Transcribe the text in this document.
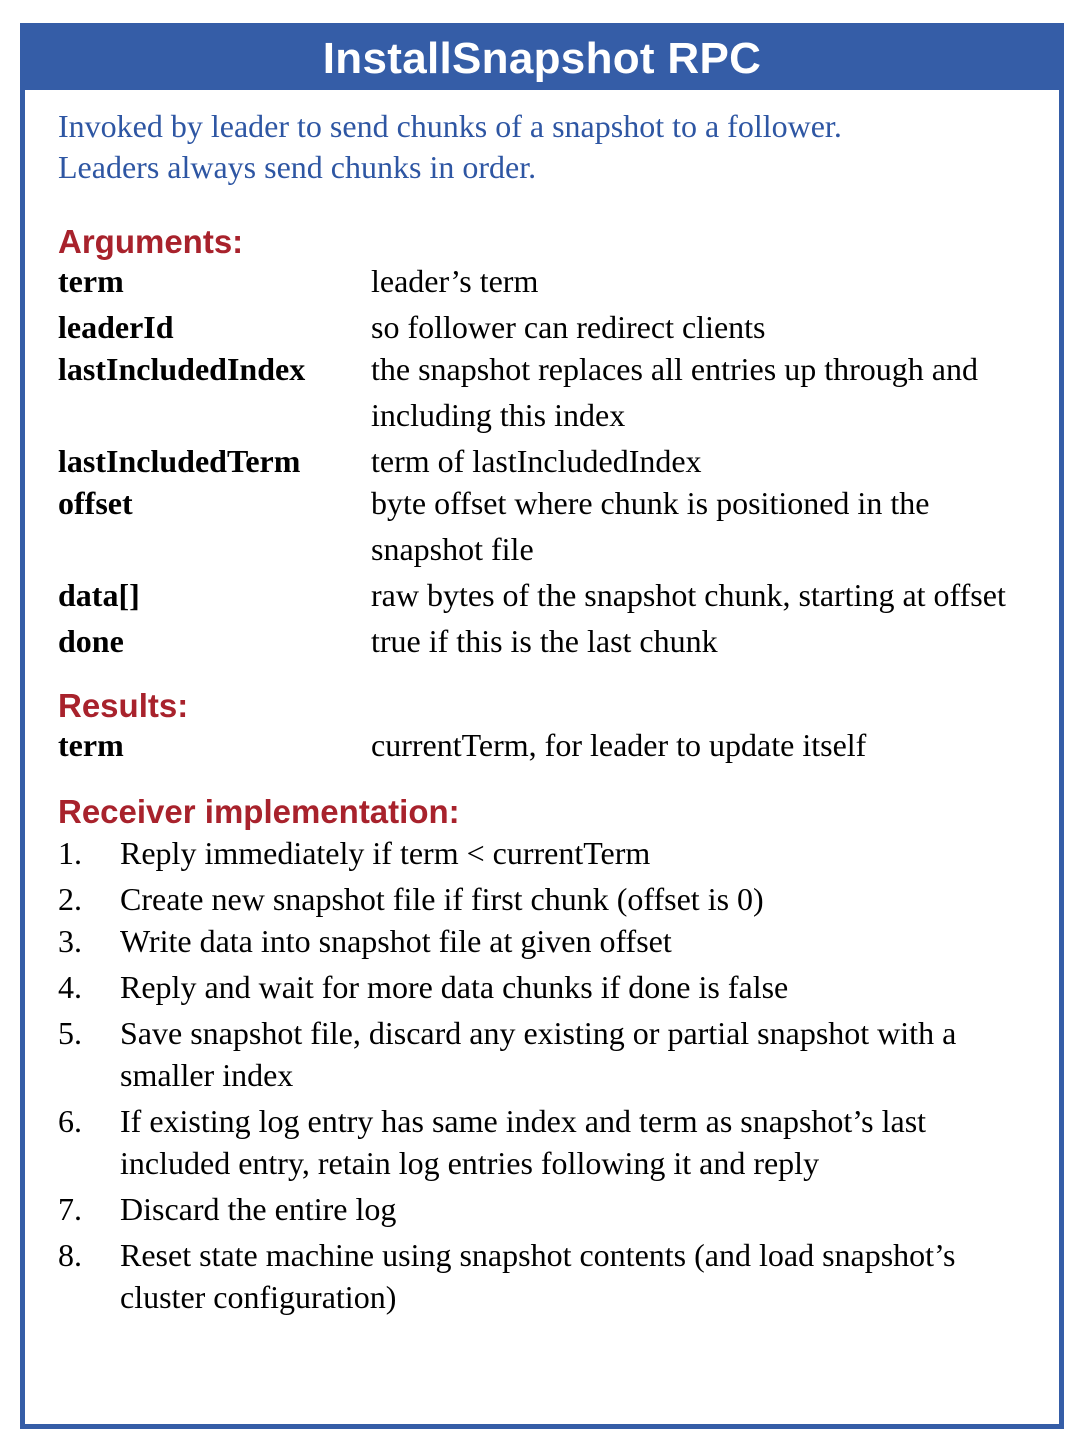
InstallSnapshot RPC
Invoked by leader to send chunks of a snapshot to a follower.
Leaders always send chunks in order.
Arguments:
term	leader’s term
leaderId	so follower can redirect clients
lastIncludedIndex	the snapshot replaces all entries up through and including this index
lastIncludedTerm	term of lastIncludedIndex
offset	byte offset where chunk is positioned in the snapshot file
data[]	raw bytes of the snapshot chunk, starting at offset
done	true if this is the last chunk
Results:
term	currentTerm, for leader to update itself
Receiver implementation:
1.	Reply immediately if term < currentTerm
2.	Create new snapshot file if first chunk (offset is 0)
3.	Write data into snapshot file at given offset
4.	Reply and wait for more data chunks if done is false
5.	Save snapshot file, discard any existing or partial snapshot with a smaller index
6.	If existing log entry has same index and term as snapshot’s last included entry, retain log entries following it and reply
7.	Discard the entire log
8.	Reset state machine using snapshot contents (and load snapshot’s cluster configuration)
